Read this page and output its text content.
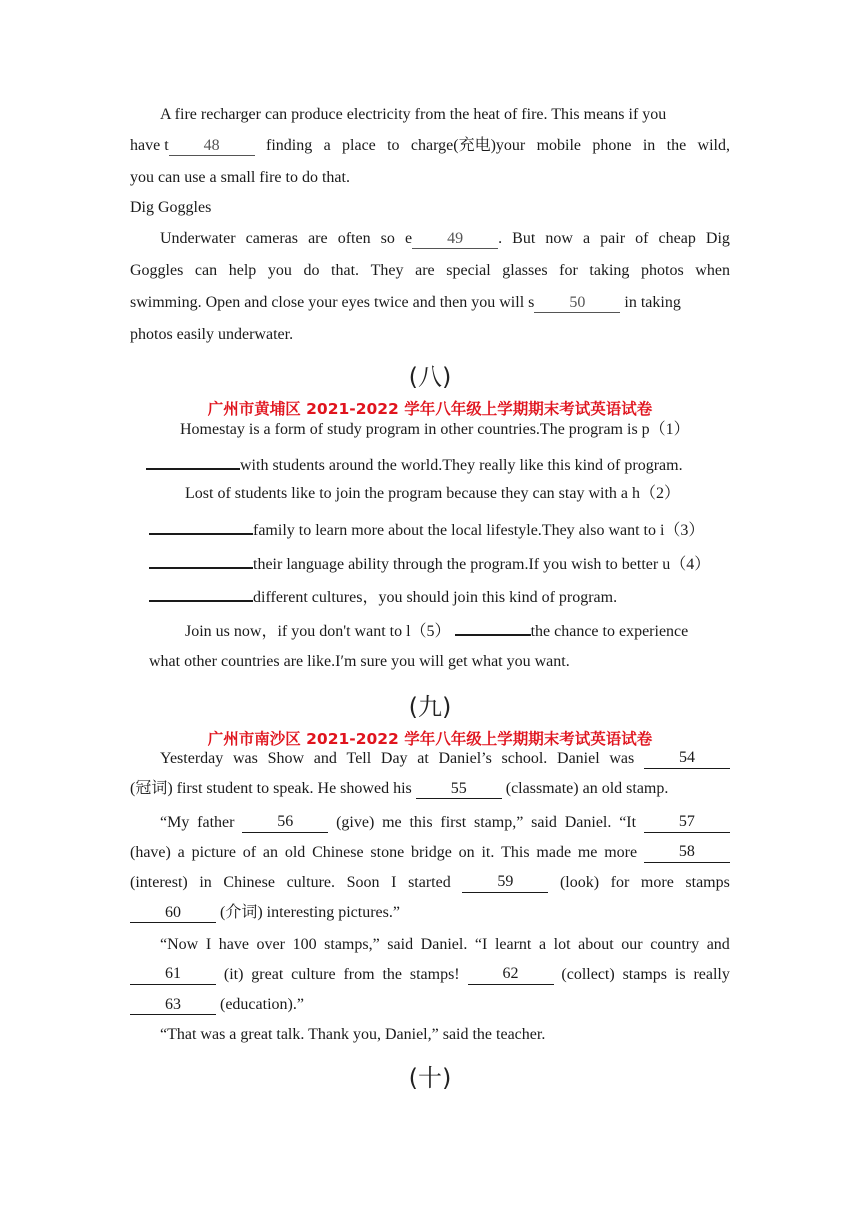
A fire recharger can produce electricity from the heat of fire. This means if you
have t 48	finding a place to charge(充电)your mobile phone in the wild,
you can use a small fire to do that.
Dig Goggles
Underwater cameras are often so e 49 . But now a pair of cheap Dig
Goggles can help you do that. They are special glasses for taking photos when
swimming. Open and close your eyes twice and then you will s 50 in taking
photos easily underwater.
(八)
广州市黄埔区 2021-2022 学年八年级上学期期末考试英语试卷
Homestay is a form of study program in other countries.The program is p（1）
with students around the world.They really like this kind of program.
Lost of students like to join the program because they can stay with a h（2）
family to learn more about the local lifestyle.They also want to i（3）
their language ability through the program.If you wish to better u（4）
different cultures，you should join this kind of program.
Join us now，if you don't want to l（5）	the chance to experience
what other countries are like.I′m sure you will get what you want.
(九)
广州市南沙区 2021-2022 学年八年级上学期期末考试英语试卷
Yesterday was Show and Tell Day at Daniel’s school. Daniel was	54
(冠词) first student to speak. He showed his 55 (classmate) an old stamp.
“My father	56	(give) me this first stamp,” said Daniel. “It	57
(have) a picture of an old Chinese stone bridge on it. This made me more	58
(interest) in Chinese culture. Soon I started	59	(look) for more stamps
60 (介词) interesting pictures.”
“Now I have over 100 stamps,” said Daniel. “I learnt a lot about our country and
61	(it) great culture from the stamps!	62	(collect) stamps is really
63 (education).”
“That was a great talk. Thank you, Daniel,” said the teacher.
(十)
